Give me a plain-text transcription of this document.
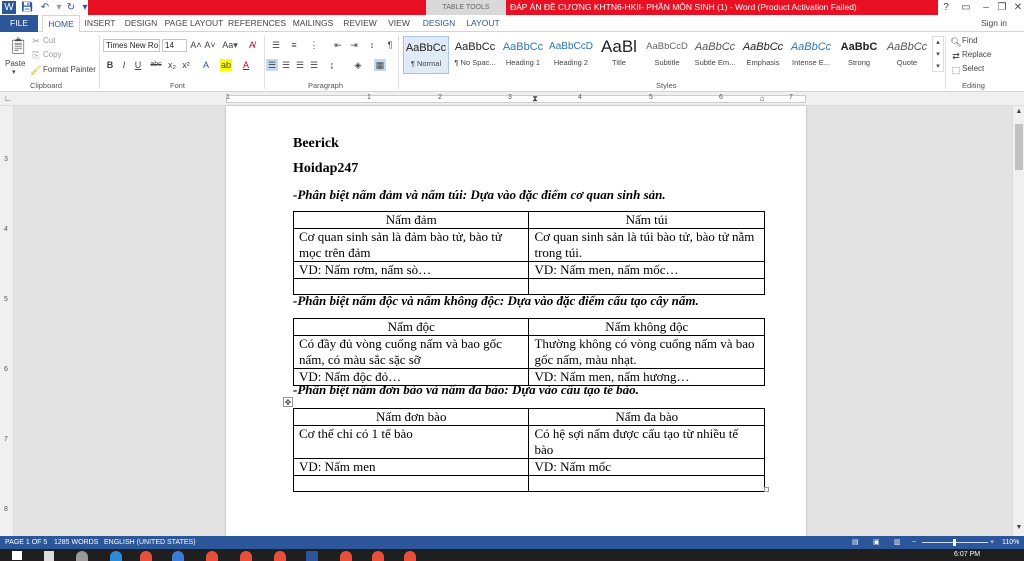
W 💾︎ ↶ ▾ ↻ ▾	TABLE TOOLS	ĐÁP ÁN ĐỀ CƯƠNG KHTN6-HKII- PHẦN MÔN SINH (1) - Word (Product Activation Failed)	?	▭	– ❐ ✕
FILE	HOME	INSERT	DESIGN PAGE LAYOUT REFERENCES MAILINGS	REVIEW	VIEW	DESIGN	LAYOUT	Sign in
📋︎
Paste
▾
✂ Cut
⎘ Copy
🖌︎ Format Painter
Clipboard
Times New Ro 14	A˄ A˅ Aa▾	A̸
B	I	U	abc x₂ x²	A	ab	A
Font
☰	≡	⋮ ⇤ ⇥	↕	¶
☰ ☰ ☰ ☰	↨	◈ ▦
Paragraph
AaBbCc
¶ Normal
AaBbCc
¶ No Spac...
AaBbCc
Heading 1
AaBbCcD
Heading 2
AaBl
Title
AaBbCcD
Subtitle
AaBbCc
Subtle Em...
AaBbCc
Emphasis
AaBbCc
Intense E...
AaBbC
Strong
AaBbCc
Quote
▴
▾
▾
Styles
🔍︎ Find
⇄ Replace
⬚ Select
Editing
∟	1	1	2	3	4	5	6	7
⧗	⌂
3
4
5
6
7
8
▲
▼
Beerick
Hoidap247
-Phân biệt nấm đảm và nấm túi: Dựa vào đặc điểm cơ quan sinh sản.
Nấm đảm	Nấm túi
Cơ quan sinh sản là đảm bào tử, bào tử mọc trên đảm	Cơ quan sinh sản là túi bào tử, bào tử nằm trong túi.
VD: Nấm rơm, nấm sò…	VD: Nấm men, nấm mốc…

-Phân biệt nấm độc và nấm không độc: Dựa vào đặc điểm cấu tạo cây nấm.
Nấm độc	Nấm không độc
Có đầy đủ vòng cuống nấm và bao gốc nấm, có màu sắc sặc sỡ	Thường không có vòng cuống nấm và bao gốc nấm, màu nhạt.
VD: Nấm độc đỏ…	VD: Nấm men, nấm hương…
-Phân biệt nấm đơn bào và nấm đa bào: Dựa vào cấu tạo tế bào.
✥
Nấm đơn bào	Nấm đa bào
Cơ thể chỉ có 1 tế bào	Có hệ sợi nấm được cấu tạo từ nhiều tế bào
VD: Nấm men	VD: Nấm mốc

PAGE 1 OF 5 1285 WORDS ENGLISH (UNITED STATES)	▤ ▣ ▥ −	+ 110%
6:07 PM
